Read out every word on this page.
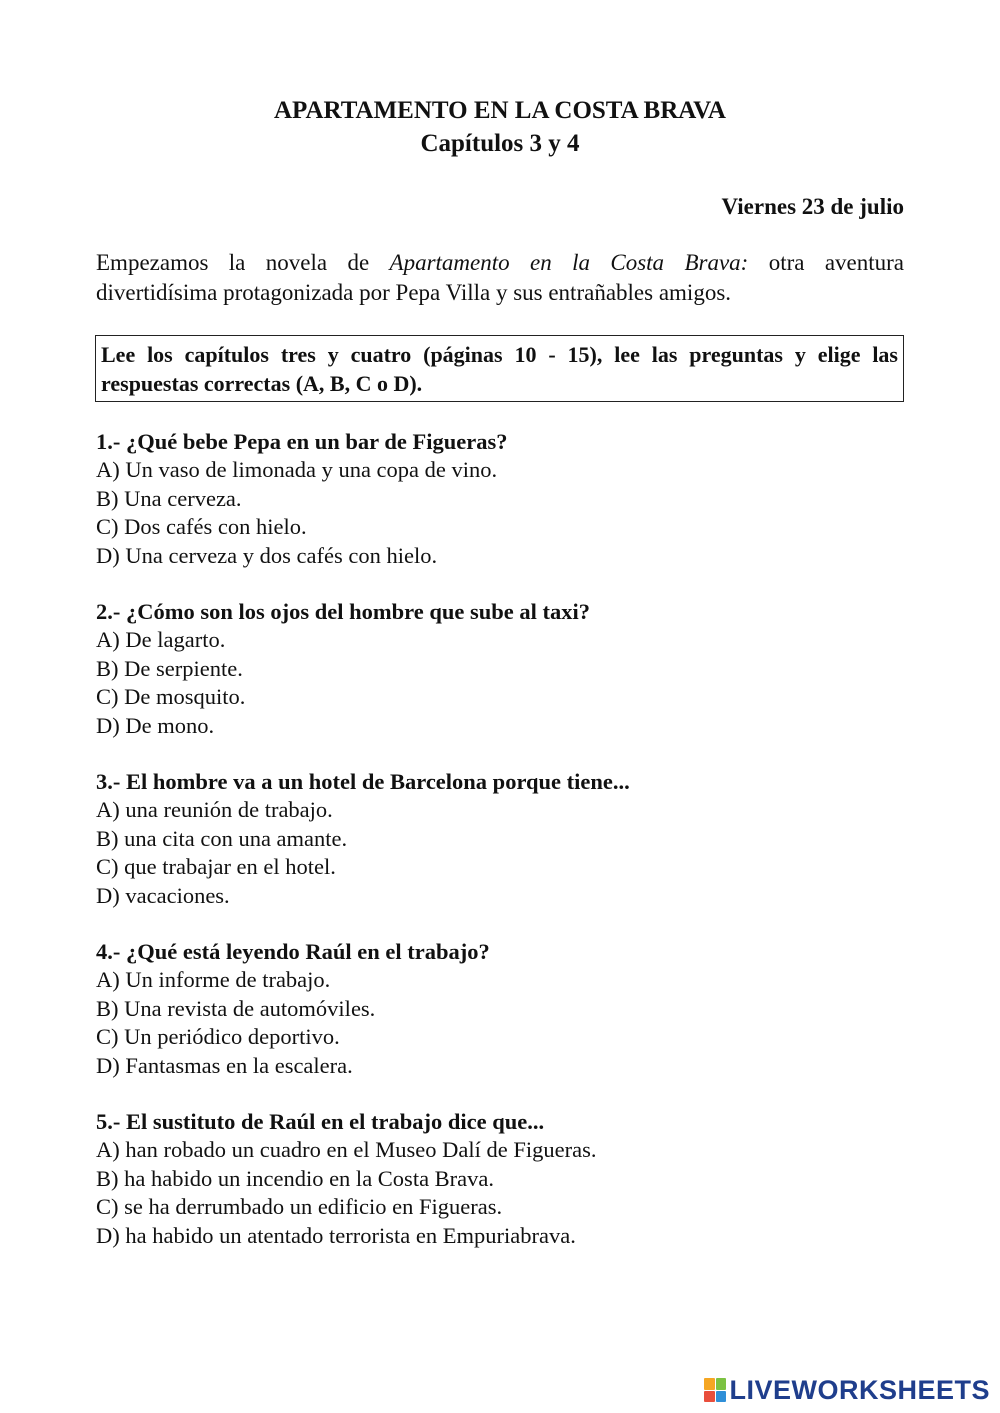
APARTAMENTO EN LA COSTA BRAVA
Capítulos 3 y 4
Viernes 23 de julio
Empezamos la novela de Apartamento en la Costa Brava: otra aventura
divertidísima protagonizada por Pepa Villa y sus entrañables amigos.
Lee los capítulos tres y cuatro (páginas 10 - 15), lee las preguntas y elige las
respuestas correctas (A, B, C o D).
1.- ¿Qué bebe Pepa en un bar de Figueras?
A) Un vaso de limonada y una copa de vino.
B) Una cerveza.
C) Dos cafés con hielo.
D) Una cerveza y dos cafés con hielo.
2.- ¿Cómo son los ojos del hombre que sube al taxi?
A) De lagarto.
B) De serpiente.
C) De mosquito.
D) De mono.
3.- El hombre va a un hotel de Barcelona porque tiene...
A) una reunión de trabajo.
B) una cita con una amante.
C) que trabajar en el hotel.
D) vacaciones.
4.- ¿Qué está leyendo Raúl en el trabajo?
A) Un informe de trabajo.
B) Una revista de automóviles.
C) Un periódico deportivo.
D) Fantasmas en la escalera.
5.- El sustituto de Raúl en el trabajo dice que...
A) han robado un cuadro en el Museo Dalí de Figueras.
B) ha habido un incendio en la Costa Brava.
C) se ha derrumbado un edificio en Figueras.
D) ha habido un atentado terrorista en Empuriabrava.
LIVEWORKSHEETS
